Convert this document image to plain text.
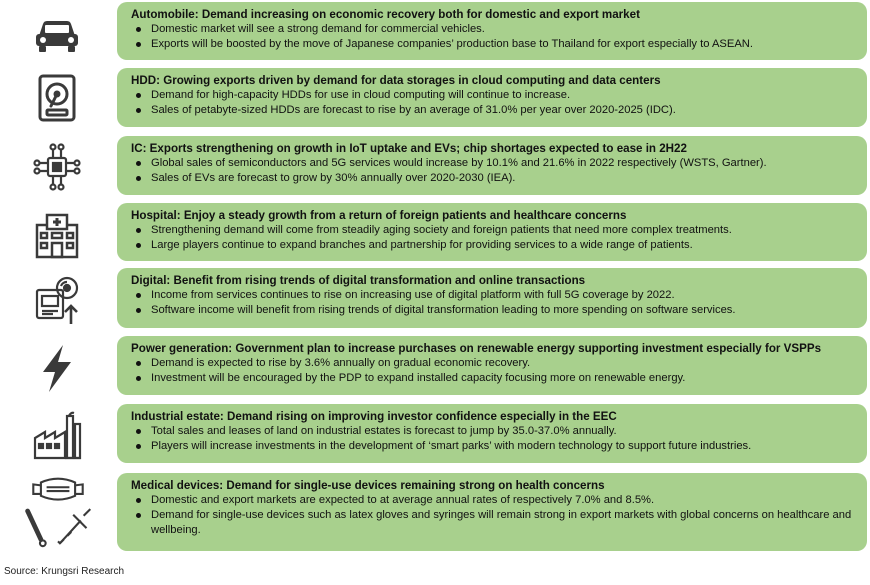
Automobile: Demand increasing on economic recovery both for domestic and export market
Domestic market will see a strong demand for commercial vehicles.
Exports will be boosted by the move of Japanese companies’ production base to Thailand for export especially to ASEAN.
HDD: Growing exports driven by demand for data storages in cloud computing and data centers
Demand for high-capacity HDDs for use in cloud computing will continue to increase.
Sales of petabyte-sized HDDs are forecast to rise by an average of 31.0% per year over 2020-2025 (IDC).
IC: Exports strengthening on growth in IoT uptake and EVs; chip shortages expected to ease in 2H22
Global sales of semiconductors and 5G services would increase by 10.1% and 21.6% in 2022 respectively (WSTS, Gartner).
Sales of EVs are forecast to grow by 30% annually over 2020-2030 (IEA).
Hospital: Enjoy a steady growth from a return of foreign patients and healthcare concerns
Strengthening demand will come from steadily aging society and foreign patients that need more complex treatments.
Large players continue to expand branches and partnership for providing services to a wide range of patients.
Digital: Benefit from rising trends of digital transformation and online transactions
Income from services continues to rise on increasing use of digital platform with full 5G coverage by 2022.
Software income will benefit from rising trends of digital transformation leading to more spending on software services.
Power generation: Government plan to increase purchases on renewable energy supporting investment especially for VSPPs
Demand is expected to rise by 3.6% annually on gradual economic recovery.
Investment will be encouraged by the PDP to expand installed capacity focusing more on renewable energy.
Industrial estate: Demand rising on improving investor confidence especially in the EEC
Total sales and leases of land on industrial estates is forecast to jump by 35.0-37.0% annually.
Players will increase investments in the development of ‘smart parks’ with modern technology to support future industries.
Medical devices: Demand for single-use devices remaining strong on health concerns
Domestic and export markets are expected to at average annual rates of respectively 7.0% and 8.5%.
Demand for single-use devices such as latex gloves and syringes will remain strong in export markets with global concerns on healthcare and wellbeing.
Source: Krungsri Research
